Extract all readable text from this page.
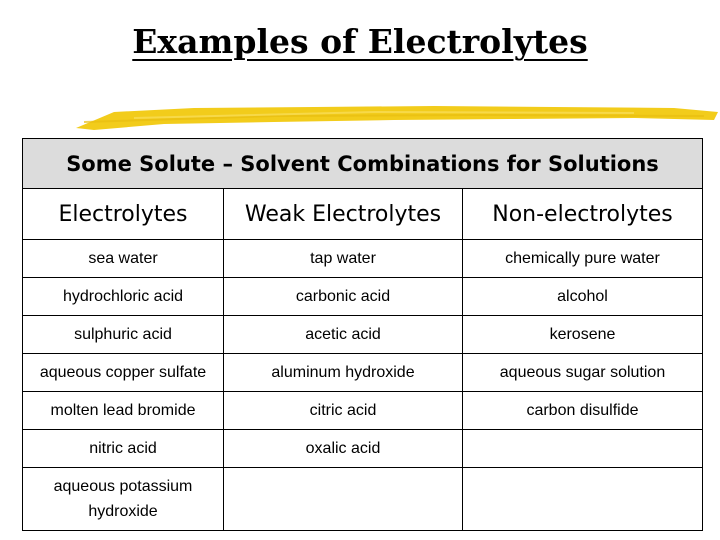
Examples of Electrolytes
Some Solute – Solvent Combinations for Solutions		
Electrolytes	Weak Electrolytes	Non-electrolytes
sea water	tap water	chemically pure water
hydrochloric acid	carbonic acid	alcohol
sulphuric acid	acetic acid	kerosene
aqueous copper sulfate	aluminum hydroxide	aqueous sugar solution
molten lead bromide	citric acid	carbon disulfide
nitric acid	oxalic acid	
aqueous potassium hydroxide		
